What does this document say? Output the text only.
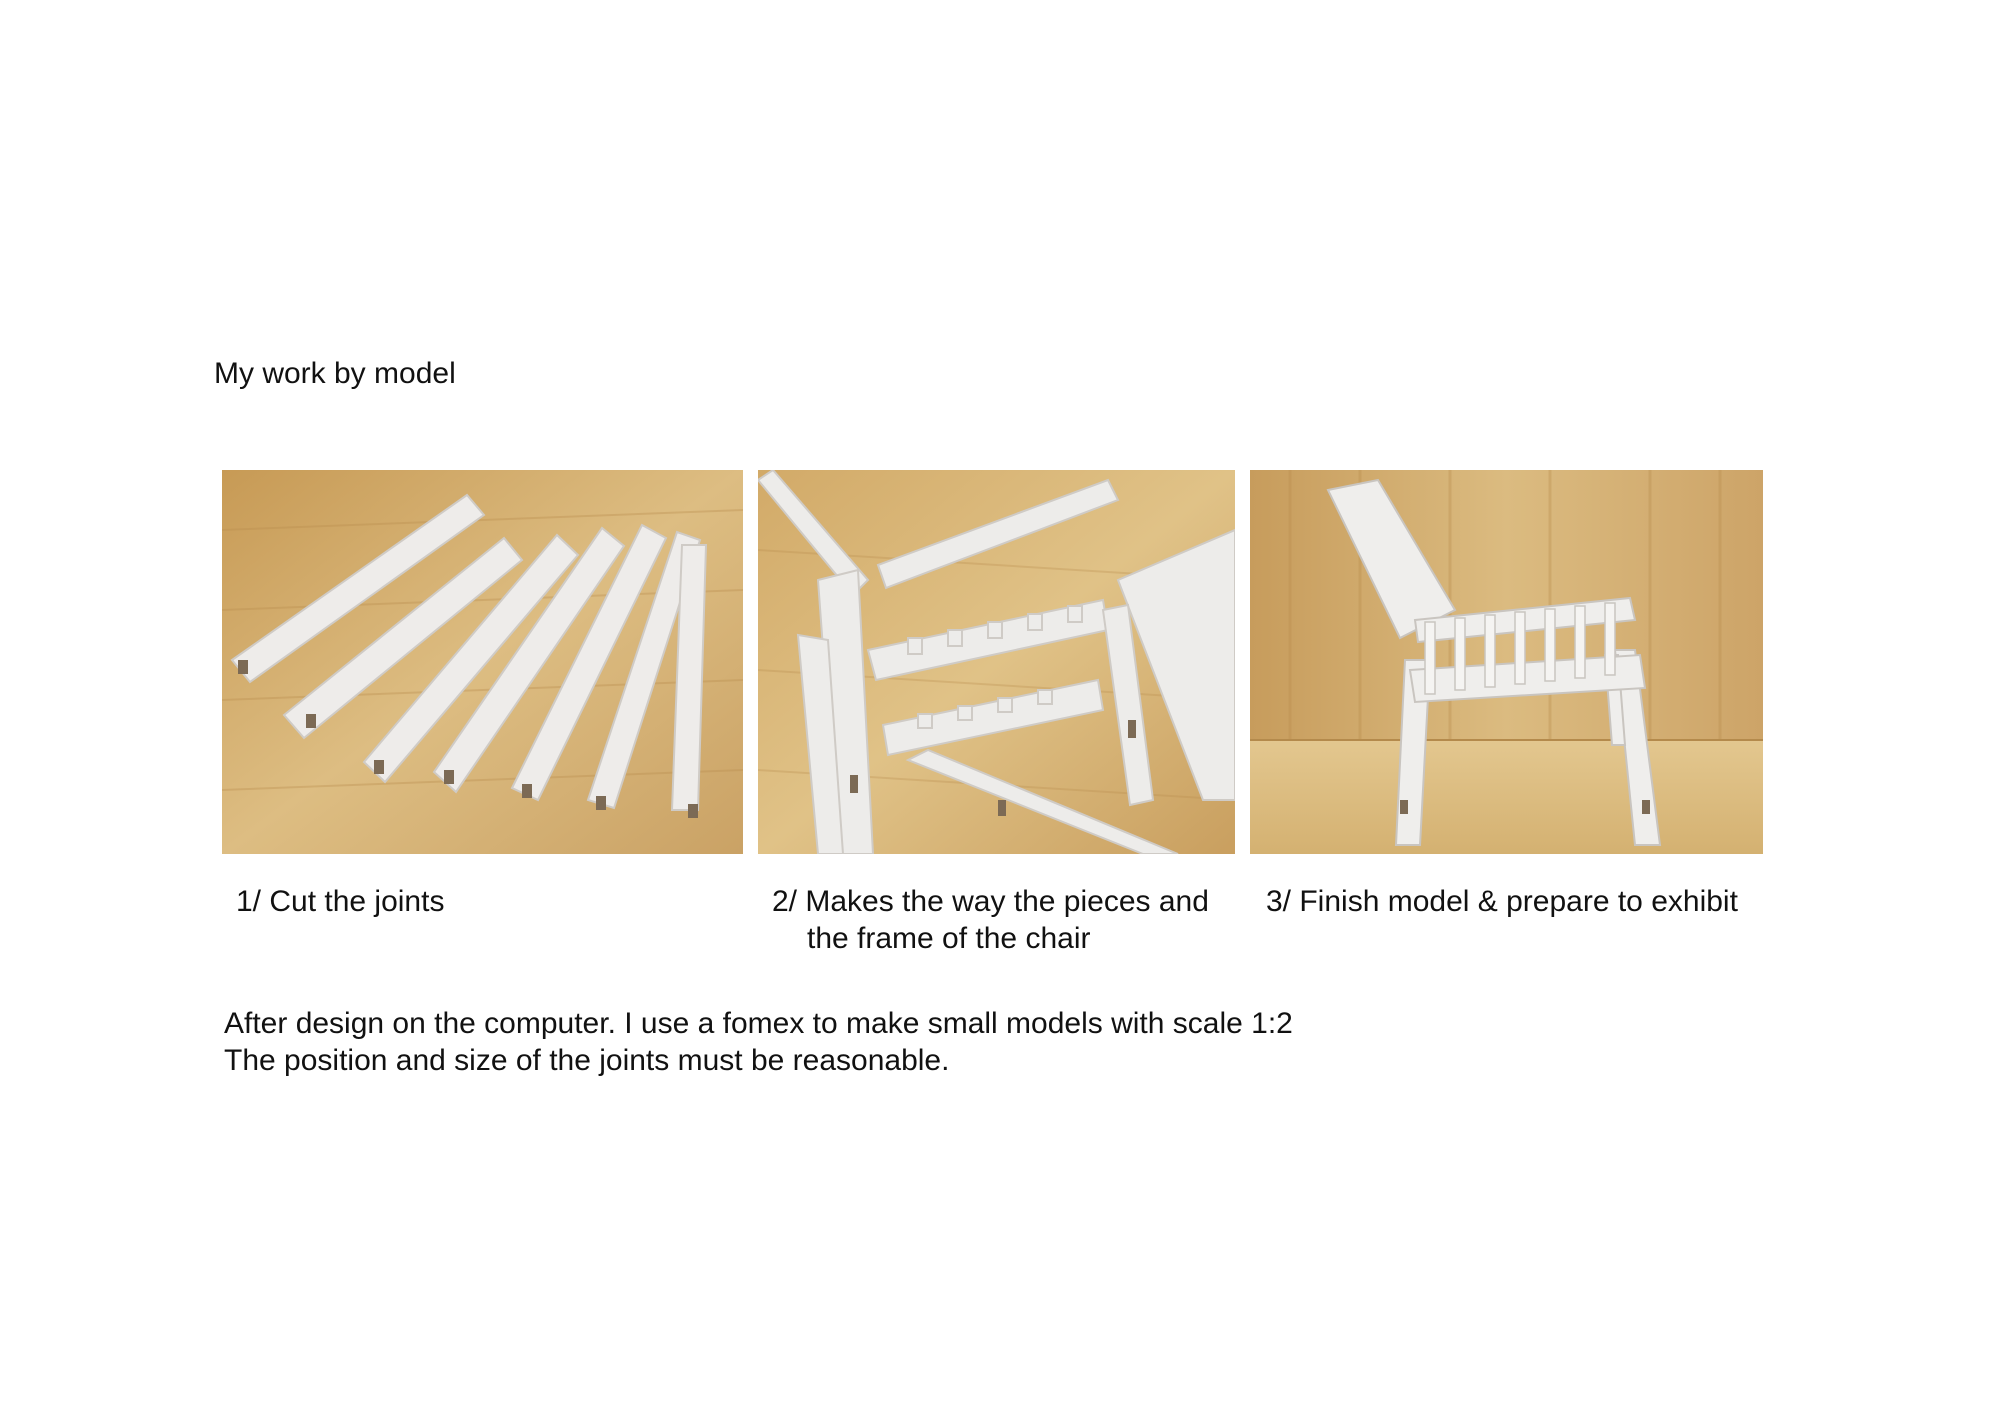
My work by model
1/ Cut the joints	2/ Makes the way the pieces and
the frame of the chair
3/ Finish model & prepare to exhibit
After design on the computer. I use a fomex to make small models with scale 1:2
The position and size of the joints must be reasonable.
